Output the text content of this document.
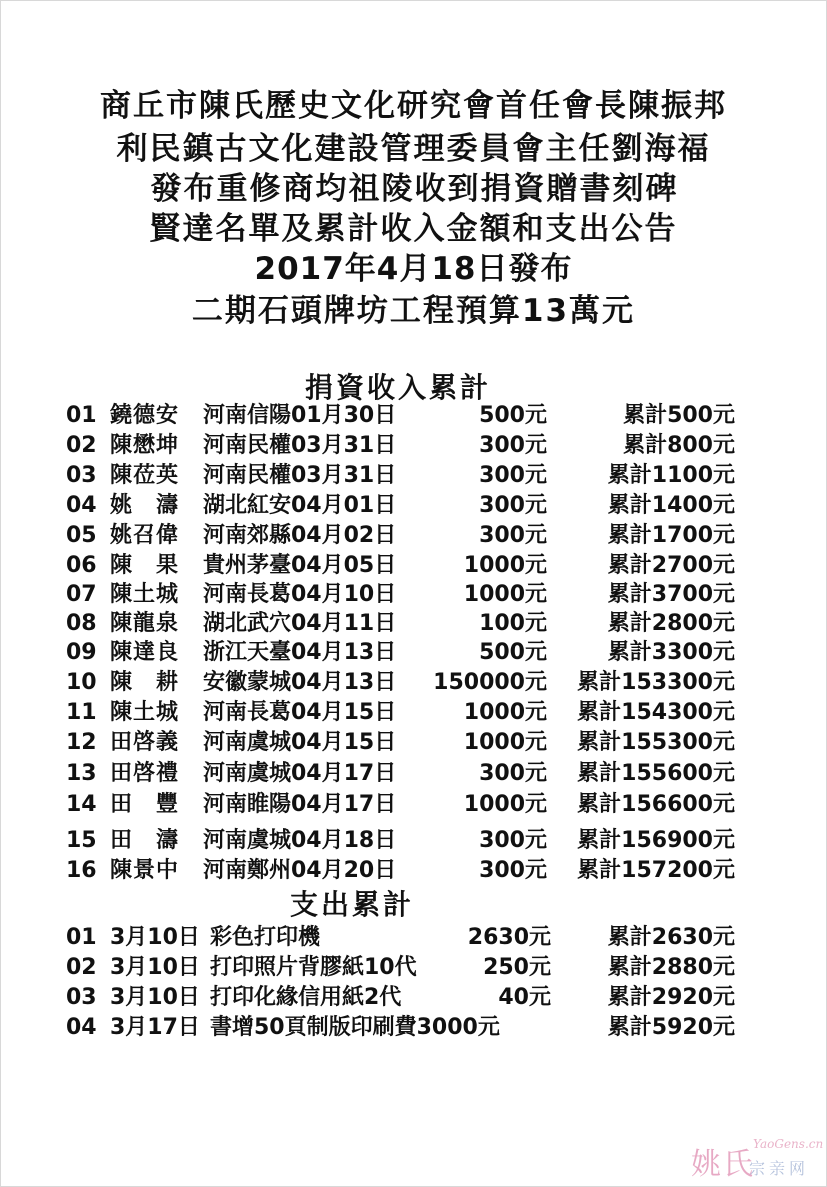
商丘市陳氏歷史文化研究會首任會長陳振邦
利民鎮古文化建設管理委員會主任劉海福
發布重修商均祖陵收到捐資贈書刻碑
賢達名單及累計收入金額和支出公告
2017年4月18日發布
二期石頭牌坊工程預算13萬元
捐資收入累計
01 鐃德安 河南信陽01月30日	500元	累計500元
02 陳懋坤 河南民權03月31日	300元	累計800元
03 陳莅英 河南民權03月31日	300元	累計1100元
04 姚　濤 湖北紅安04月01日	300元	累計1400元
05 姚召偉 河南郊縣04月02日	300元	累計1700元
06 陳　果 貴州茅臺04月05日	1000元	累計2700元
07 陳土城 河南長葛04月10日	1000元	累計3700元
08 陳龍泉 湖北武穴04月11日	100元	累計2800元
09 陳達良 浙江天臺04月13日	500元	累計3300元
10 陳　耕 安徽蒙城04月13日 150000元 累計153300元
11 陳土城 河南長葛04月15日	1000元 累計154300元
12 田啓義 河南虞城04月15日	1000元 累計155300元
13 田啓禮 河南虞城04月17日	300元 累計155600元
14 田　豐 河南睢陽04月17日	1000元 累計156600元
15 田　濤 河南虞城04月18日	300元 累計156900元
16 陳景中 河南鄭州04月20日	300元 累計157200元
支出累計
01 3月10日 彩色打印機	2630元	累計2630元
02 3月10日 打印照片背膠紙10代	250元	累計2880元
03 3月10日 打印化緣信用紙2代	40元	累計2920元
04 3月17日 書增50頁制版印刷費3000元	累計5920元
姚氏
YaoGens.cn
宗亲网
